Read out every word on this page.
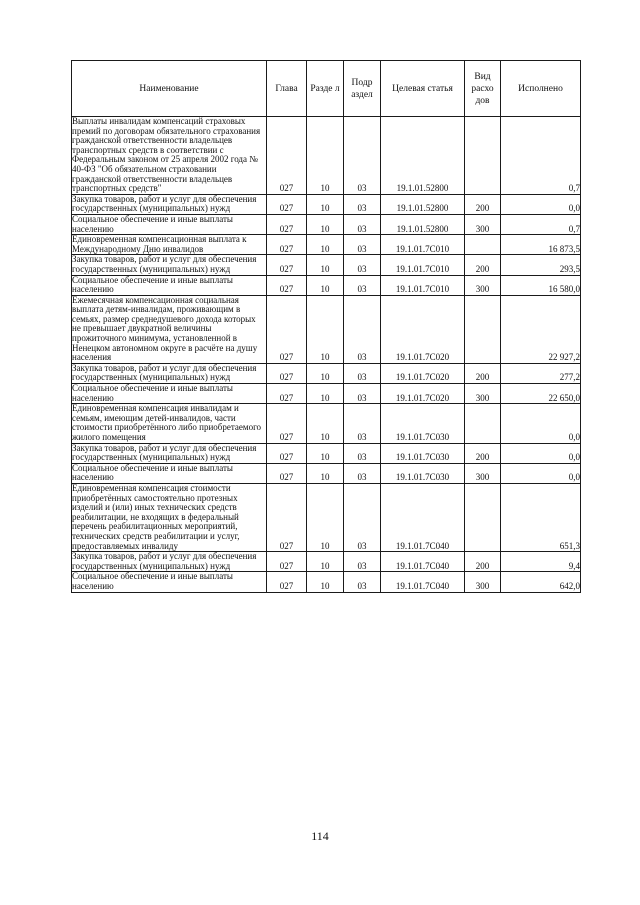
Наименование	Глава	Разде л	Подр аздел	Целевая статья	Вид расхо дов	Исполнено
Выплаты инвалидам компенсаций страховых премий по договорам обязательного страхования гражданской ответственности владельцев транспортных средств в соответствии с Федеральным законом от 25 апреля 2002 года № 40-ФЗ "Об обязательном страховании гражданской ответственности владельцев транспортных средств"	027	10	03	19.1.01.52800		0,7
Закупка товаров, работ и услуг для обеспечения государственных (муниципальных) нужд	027	10	03	19.1.01.52800	200	0,0
Социальное обеспечение и иные выплаты населению	027	10	03	19.1.01.52800	300	0,7
Единовременная компенсационная выплата к Международному Дню инвалидов	027	10	03	19.1.01.7C010		16 873,5
Закупка товаров, работ и услуг для обеспечения государственных (муниципальных) нужд	027	10	03	19.1.01.7C010	200	293,5
Социальное обеспечение и иные выплаты населению	027	10	03	19.1.01.7C010	300	16 580,0
Ежемесячная компенсационная социальная выплата детям-инвалидам, проживающим в семьях, размер среднедушевого дохода которых не превышает двукратной величины прожиточного минимума, установленной в Ненецком автономном округе в расчёте на душу населения	027	10	03	19.1.01.7C020		22 927,2
Закупка товаров, работ и услуг для обеспечения государственных (муниципальных) нужд	027	10	03	19.1.01.7C020	200	277,2
Социальное обеспечение и иные выплаты населению	027	10	03	19.1.01.7C020	300	22 650,0
Единовременная компенсация инвалидам и семьям, имеющим детей-инвалидов, части стоимости приобретённого либо приобретаемого жилого помещения	027	10	03	19.1.01.7C030		0,0
Закупка товаров, работ и услуг для обеспечения государственных (муниципальных) нужд	027	10	03	19.1.01.7C030	200	0,0
Социальное обеспечение и иные выплаты населению	027	10	03	19.1.01.7C030	300	0,0
Единовременная компенсация стоимости приобретённых самостоятельно протезных изделий и (или) иных технических средств реабилитации, не входящих в федеральный перечень реабилитационных мероприятий, технических средств реабилитации и услуг, предоставляемых инвалиду	027	10	03	19.1.01.7C040		651,3
Закупка товаров, работ и услуг для обеспечения государственных (муниципальных) нужд	027	10	03	19.1.01.7C040	200	9,4
Социальное обеспечение и иные выплаты населению	027	10	03	19.1.01.7C040	300	642,0
114
